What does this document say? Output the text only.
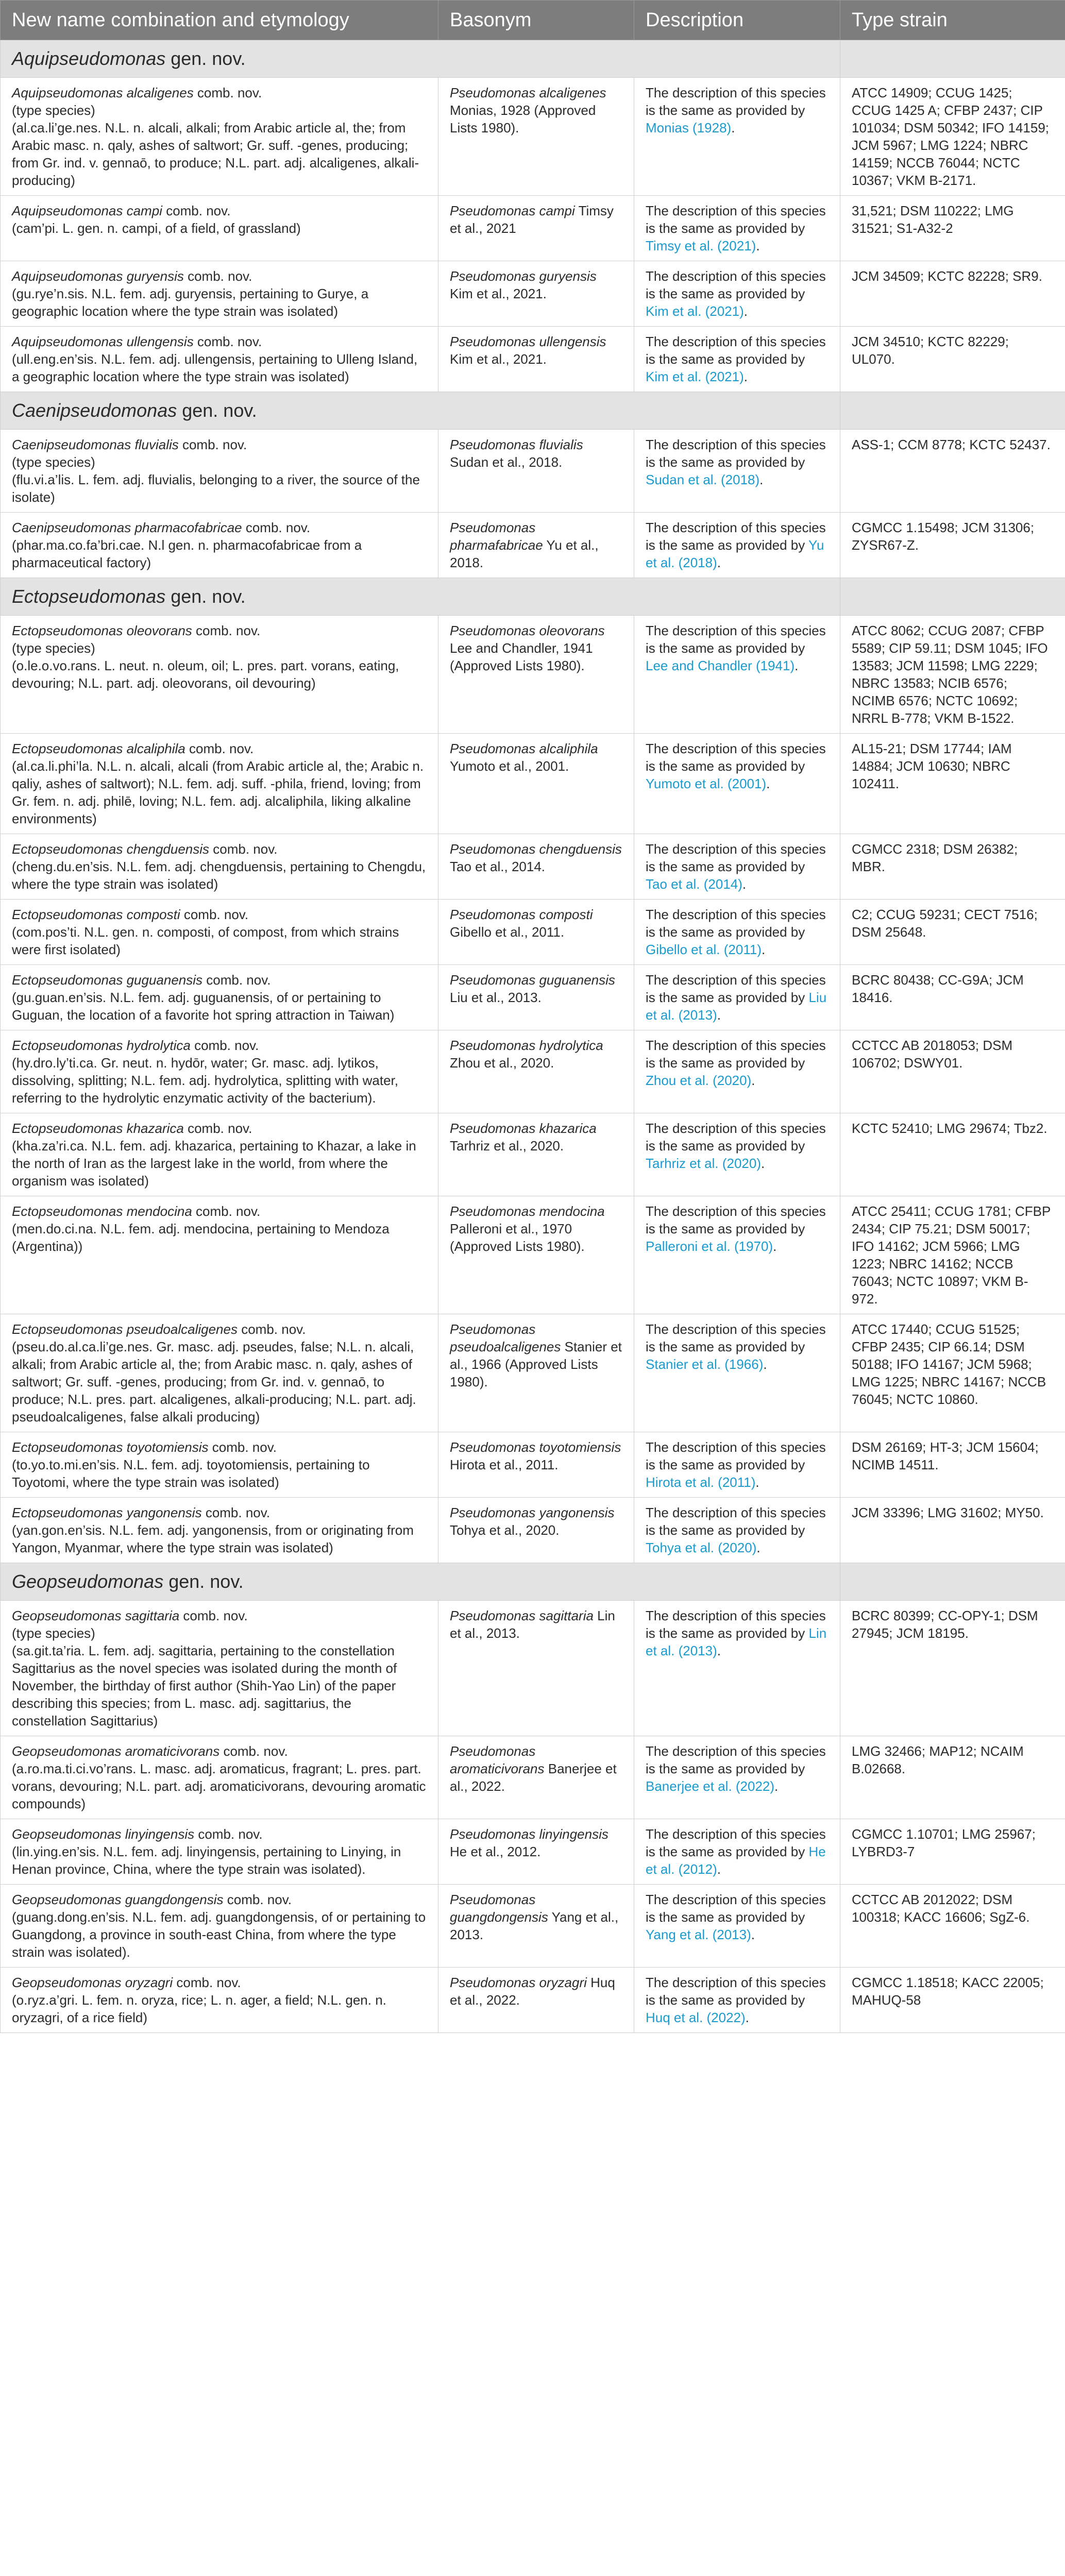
New name combination and etymology	Basonym	Description	Type strain
Aquipseudomonas gen. nov.			
Aquipseudomonas alcaligenes comb. nov.
(type species)
(al.ca.li’ge.nes. N.L. n. alcali, alkali; from Arabic article al, the; from Arabic masc. n. qaly, ashes of saltwort; Gr. suff. -genes, producing; from Gr. ind. v. gennaō, to produce; N.L. part. adj. alcaligenes, alkali-producing)	Pseudomonas alcaligenes Monias, 1928 (Approved Lists 1980).	The description of this species is the same as provided by Monias (1928).	ATCC 14909; CCUG 1425; CCUG 1425 A; CFBP 2437; CIP 101034; DSM 50342; IFO 14159; JCM 5967; LMG 1224; NBRC 14159; NCCB 76044; NCTC 10367; VKM B-2171.
Aquipseudomonas campi comb. nov.
(cam’pi. L. gen. n. campi, of a field, of grassland)	Pseudomonas campi Timsy et al., 2021	The description of this species is the same as provided by Timsy et al. (2021).	31,521; DSM 110222; LMG 31521; S1-A32-2
Aquipseudomonas guryensis comb. nov.
(gu.rye’n.sis. N.L. fem. adj. guryensis, pertaining to Gurye, a geographic location where the type strain was isolated)	Pseudomonas guryensis Kim et al., 2021.	The description of this species is the same as provided by Kim et al. (2021).	JCM 34509; KCTC 82228; SR9.
Aquipseudomonas ullengensis comb. nov.
(ull.eng.en’sis. N.L. fem. adj. ullengensis, pertaining to Ulleng Island, a geographic location where the type strain was isolated)	Pseudomonas ullengensis Kim et al., 2021.	The description of this species is the same as provided by Kim et al. (2021).	JCM 34510; KCTC 82229; UL070.
Caenipseudomonas gen. nov.			
Caenipseudomonas fluvialis comb. nov.
(type species)
(flu.vi.a’lis. L. fem. adj. fluvialis, belonging to a river, the source of the isolate)	Pseudomonas fluvialis Sudan et al., 2018.	The description of this species is the same as provided by Sudan et al. (2018).	ASS-1; CCM 8778; KCTC 52437.
Caenipseudomonas pharmacofabricae comb. nov.
(phar.ma.co.fa’bri.cae. N.l gen. n. pharmacofabricae from a pharmaceutical factory)	Pseudomonas pharmafabricae Yu et al., 2018.	The description of this species is the same as provided by Yu et al. (2018).	CGMCC 1.15498; JCM 31306; ZYSR67-Z.
Ectopseudomonas gen. nov.			
Ectopseudomonas oleovorans comb. nov.
(type species)
(o.le.o.vo.rans. L. neut. n. oleum, oil; L. pres. part. vorans, eating, devouring; N.L. part. adj. oleovorans, oil devouring)	Pseudomonas oleovorans Lee and Chandler, 1941 (Approved Lists 1980).	The description of this species is the same as provided by Lee and Chandler (1941).	ATCC 8062; CCUG 2087; CFBP 5589; CIP 59.11; DSM 1045; IFO 13583; JCM 11598; LMG 2229; NBRC 13583; NCIB 6576; NCIMB 6576; NCTC 10692; NRRL B-778; VKM B-1522.
Ectopseudomonas alcaliphila comb. nov.
(al.ca.li.phi’la. N.L. n. alcali, alcali (from Arabic article al, the; Arabic n. qaliy, ashes of saltwort); N.L. fem. adj. suff. -phila, friend, loving; from Gr. fem. n. adj. philē, loving; N.L. fem. adj. alcaliphila, liking alkaline environments)	Pseudomonas alcaliphila Yumoto et al., 2001.	The description of this species is the same as provided by Yumoto et al. (2001).	AL15-21; DSM 17744; IAM 14884; JCM 10630; NBRC 102411.
Ectopseudomonas chengduensis comb. nov.
(cheng.du.en’sis. N.L. fem. adj. chengduensis, pertaining to Chengdu, where the type strain was isolated)	Pseudomonas chengduensis Tao et al., 2014.	The description of this species is the same as provided by Tao et al. (2014).	CGMCC 2318; DSM 26382; MBR.
Ectopseudomonas composti comb. nov.
(com.pos’ti. N.L. gen. n. composti, of compost, from which strains were first isolated)	Pseudomonas composti Gibello et al., 2011.	The description of this species is the same as provided by Gibello et al. (2011).	C2; CCUG 59231; CECT 7516; DSM 25648.
Ectopseudomonas guguanensis comb. nov.
(gu.guan.en’sis. N.L. fem. adj. guguanensis, of or pertaining to Guguan, the location of a favorite hot spring attraction in Taiwan)	Pseudomonas guguanensis Liu et al., 2013.	The description of this species is the same as provided by Liu et al. (2013).	BCRC 80438; CC-G9A; JCM 18416.
Ectopseudomonas hydrolytica comb. nov.
(hy.dro.ly’ti.ca. Gr. neut. n. hydōr, water; Gr. masc. adj. lytikos, dissolving, splitting; N.L. fem. adj. hydrolytica, splitting with water, referring to the hydrolytic enzymatic activity of the bacterium).	Pseudomonas hydrolytica Zhou et al., 2020.	The description of this species is the same as provided by Zhou et al. (2020).	CCTCC AB 2018053; DSM 106702; DSWY01.
Ectopseudomonas khazarica comb. nov.
(kha.za’ri.ca. N.L. fem. adj. khazarica, pertaining to Khazar, a lake in the north of Iran as the largest lake in the world, from where the organism was isolated)	Pseudomonas khazarica Tarhriz et al., 2020.	The description of this species is the same as provided by Tarhriz et al. (2020).	KCTC 52410; LMG 29674; Tbz2.
Ectopseudomonas mendocina comb. nov.
(men.do.ci.na. N.L. fem. adj. mendocina, pertaining to Mendoza (Argentina))	Pseudomonas mendocina Palleroni et al., 1970 (Approved Lists 1980).	The description of this species is the same as provided by Palleroni et al. (1970).	ATCC 25411; CCUG 1781; CFBP 2434; CIP 75.21; DSM 50017; IFO 14162; JCM 5966; LMG 1223; NBRC 14162; NCCB 76043; NCTC 10897; VKM B-972.
Ectopseudomonas pseudoalcaligenes comb. nov.
(pseu.do.al.ca.li’ge.nes. Gr. masc. adj. pseudes, false; N.L. n. alcali, alkali; from Arabic article al, the; from Arabic masc. n. qaly, ashes of saltwort; Gr. suff. -genes, producing; from Gr. ind. v. gennaō, to produce; N.L. pres. part. alcaligenes, alkali-producing; N.L. part. adj. pseudoalcaligenes, false alkali producing)	Pseudomonas pseudoalcaligenes Stanier et al., 1966 (Approved Lists 1980).	The description of this species is the same as provided by Stanier et al. (1966).	ATCC 17440; CCUG 51525; CFBP 2435; CIP 66.14; DSM 50188; IFO 14167; JCM 5968; LMG 1225; NBRC 14167; NCCB 76045; NCTC 10860.
Ectopseudomonas toyotomiensis comb. nov.
(to.yo.to.mi.en’sis. N.L. fem. adj. toyotomiensis, pertaining to Toyotomi, where the type strain was isolated)	Pseudomonas toyotomiensis Hirota et al., 2011.	The description of this species is the same as provided by Hirota et al. (2011).	DSM 26169; HT-3; JCM 15604; NCIMB 14511.
Ectopseudomonas yangonensis comb. nov.
(yan.gon.en’sis. N.L. fem. adj. yangonensis, from or originating from Yangon, Myanmar, where the type strain was isolated)	Pseudomonas yangonensis Tohya et al., 2020.	The description of this species is the same as provided by Tohya et al. (2020).	JCM 33396; LMG 31602; MY50.
Geopseudomonas gen. nov.			
Geopseudomonas sagittaria comb. nov.
(type species)
(sa.git.ta’ria. L. fem. adj. sagittaria, pertaining to the constellation Sagittarius as the novel species was isolated during the month of November, the birthday of first author (Shih-Yao Lin) of the paper describing this species; from L. masc. adj. sagittarius, the constellation Sagittarius)	Pseudomonas sagittaria Lin et al., 2013.	The description of this species is the same as provided by Lin et al. (2013).	BCRC 80399; CC-OPY-1; DSM 27945; JCM 18195.
Geopseudomonas aromaticivorans comb. nov.
(a.ro.ma.ti.ci.vo’rans. L. masc. adj. aromaticus, fragrant; L. pres. part. vorans, devouring; N.L. part. adj. aromaticivorans, devouring aromatic compounds)	Pseudomonas aromaticivorans Banerjee et al., 2022.	The description of this species is the same as provided by Banerjee et al. (2022).	LMG 32466; MAP12; NCAIM B.02668.
Geopseudomonas linyingensis comb. nov.
(lin.ying.en’sis. N.L. fem. adj. linyingensis, pertaining to Linying, in Henan province, China, where the type strain was isolated).	Pseudomonas linyingensis He et al., 2012.	The description of this species is the same as provided by He et al. (2012).	CGMCC 1.10701; LMG 25967; LYBRD3-7
Geopseudomonas guangdongensis comb. nov.
(guang.dong.en’sis. N.L. fem. adj. guangdongensis, of or pertaining to Guangdong, a province in south-east China, from where the type strain was isolated).	Pseudomonas guangdongensis Yang et al., 2013.	The description of this species is the same as provided by Yang et al. (2013).	CCTCC AB 2012022; DSM 100318; KACC 16606; SgZ-6.
Geopseudomonas oryzagri comb. nov.
(o.ryz.a’gri. L. fem. n. oryza, rice; L. n. ager, a field; N.L. gen. n. oryzagri, of a rice field)	Pseudomonas oryzagri Huq et al., 2022.	The description of this species is the same as provided by Huq et al. (2022).	CGMCC 1.18518; KACC 22005; MAHUQ-58
